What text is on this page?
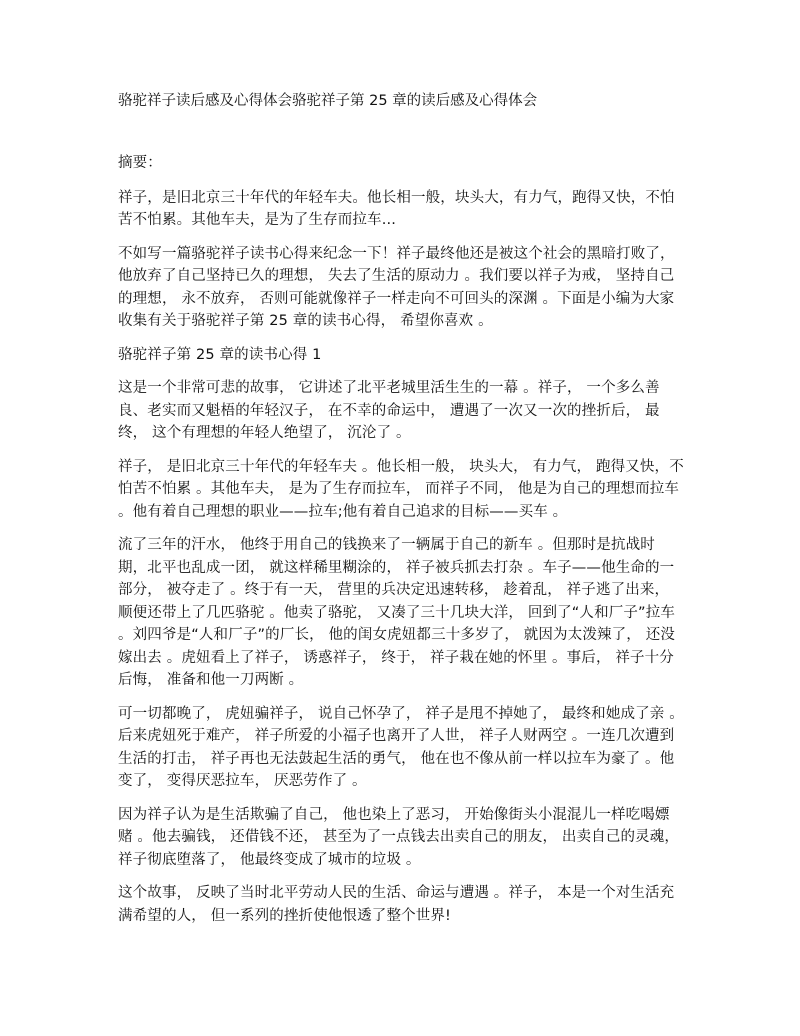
骆驼祥子读后感及心得体会骆驼祥子第 25 章的读后感及心得体会
摘要：
祥子，是旧北京三十年代的年轻车夫。他长相一般，块头大，有力气，跑得又快，不怕苦不怕累。其他车夫，是为了生存而拉车...
不如写一篇骆驼祥子读书心得来纪念一下！祥子最终他还是被这个社会的黑暗打败了，他放弃了自己坚持已久的理想， 失去了生活的原动力 。我们要以祥子为戒， 坚持自己的理想， 永不放弃， 否则可能就像祥子一样走向不可回头的深渊 。下面是小编为大家收集有关于骆驼祥子第 25 章的读书心得， 希望你喜欢 。
骆驼祥子第 25 章的读书心得 1
这是一个非常可悲的故事， 它讲述了北平老城里活生生的一幕 。祥子， 一个多么善良、老实而又魁梧的年轻汉子， 在不幸的命运中， 遭遇了一次又一次的挫折后， 最终， 这个有理想的年轻人绝望了， 沉沦了 。
祥子， 是旧北京三十年代的年轻车夫 。他长相一般， 块头大， 有力气， 跑得又快，不怕苦不怕累 。其他车夫， 是为了生存而拉车， 而祥子不同， 他是为自己的理想而拉车 。他有着自己理想的职业——拉车;他有着自己追求的目标——买车 。
流了三年的汗水， 他终于用自己的钱换来了一辆属于自己的新车 。但那时是抗战时期，北平也乱成一团， 就这样稀里糊涂的， 祥子被兵抓去打杂 。车子——他生命的一部分， 被夺走了 。终于有一天， 营里的兵决定迅速转移， 趁着乱， 祥子逃了出来， 顺便还带上了几匹骆驼 。他卖了骆驼， 又凑了三十几块大洋， 回到了“人和厂子”拉车 。刘四爷是“人和厂子”的厂长， 他的闺女虎妞都三十多岁了， 就因为太泼辣了， 还没嫁出去 。虎妞看上了祥子， 诱惑祥子， 终于， 祥子栽在她的怀里 。事后， 祥子十分后悔， 准备和他一刀两断 。
可一切都晚了， 虎妞骗祥子， 说自己怀孕了， 祥子是甩不掉她了， 最终和她成了亲 。后来虎妞死于难产， 祥子所爱的小福子也离开了人世， 祥子人财两空 。一连几次遭到生活的打击， 祥子再也无法鼓起生活的勇气， 他在也不像从前一样以拉车为豪了 。他变了， 变得厌恶拉车， 厌恶劳作了 。
因为祥子认为是生活欺骗了自己， 他也染上了恶习， 开始像街头小混混儿一样吃喝嫖赌 。他去骗钱， 还借钱不还， 甚至为了一点钱去出卖自己的朋友， 出卖自己的灵魂， 祥子彻底堕落了， 他最终变成了城市的垃圾 。
这个故事， 反映了当时北平劳动人民的生活、命运与遭遇 。祥子， 本是一个对生活充满希望的人， 但一系列的挫折使他恨透了整个世界!
